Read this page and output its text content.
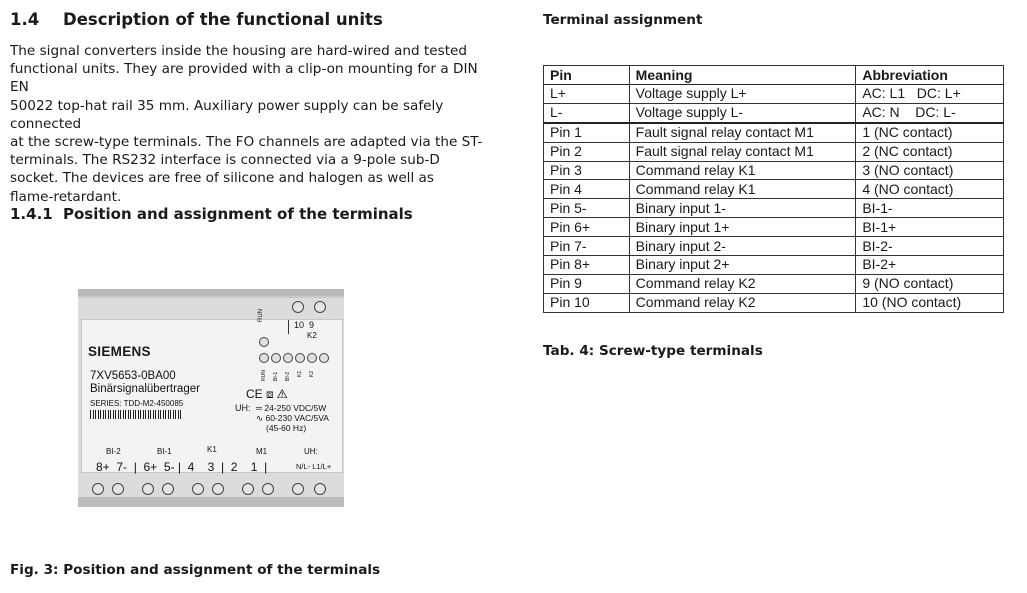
1.4 Description of the functional units
The signal converters inside the housing are hard-wired and tested
functional units. They are provided with a clip-on mounting for a DIN EN
50022 top-hat rail 35 mm. Auxiliary power supply can be safely connected
at the screw-type terminals. The FO channels are adapted via the ST-
terminals. The RS232 interface is connected via a 9-pole sub-D
socket. The devices are free of silicone and halogen as well as
flame-retardant.
1.4.1 Position and assignment of the terminals
RUN
10  9
K2
SIEMENS
RUN BI-1 BI-2 K1 K2
7XV5653-0BA00
Binärsignalübertrager
SERIES: TDD-M2-450085
CE ⧈ ⚠
UH: ═ 24-250 VDC/5W
∿ 60-230 VAC/5VA
(45-60 Hz)
BI-2	BI-1	K1	M1	UH:
8+  7-  |  6+  5- |  4    3  |  2    1  |	N/L- L1/L+
Fig. 3: Position and assignment of the terminals
Terminal assignment
Pin	Meaning	Abbreviation
L+	Voltage supply L+	AC: L1   DC: L+
L-	Voltage supply L-	AC: N    DC: L-
Pin 1	Fault signal relay contact M1	1 (NC contact)
Pin 2	Fault signal relay contact M1	2 (NC contact)
Pin 3	Command relay K1	3 (NO contact)
Pin 4	Command relay K1	4 (NO contact)
Pin 5-	Binary input 1-	BI-1-
Pin 6+	Binary input 1+	BI-1+
Pin 7-	Binary input 2-	BI-2-
Pin 8+	Binary input 2+	BI-2+
Pin 9	Command relay K2	9 (NO contact)
Pin 10	Command relay K2	10 (NO contact)
Tab. 4: Screw-type terminals
